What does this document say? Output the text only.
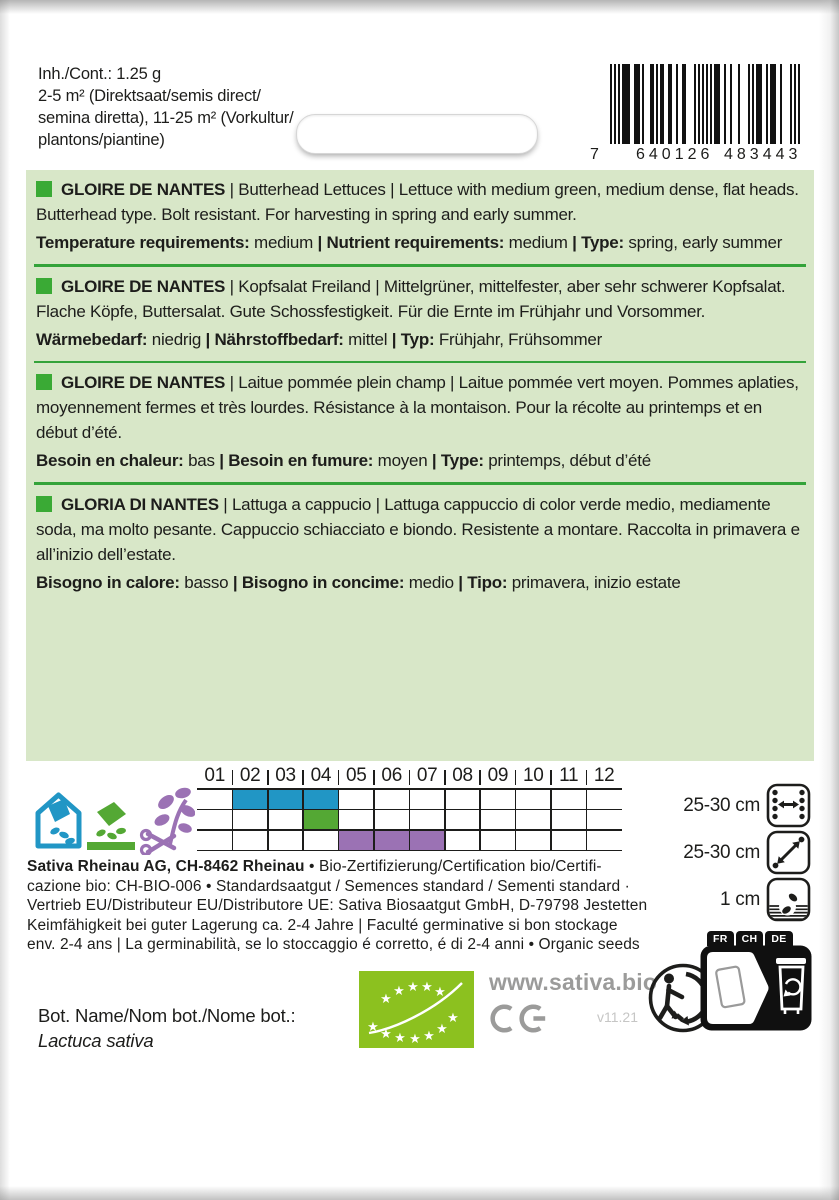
Inh./Cont.: 1.25 g
2-5 m² (Direktsaat/semis direct/
semina diretta), 11-25 m² (Vorkultur/
plantons/piantine)
7 640126 483443

GLOIRE DE NANTES | Butterhead Lettuces | Lettuce with medium green, medium dense, flat heads. Butterhead type. Bolt resistant. For harvesting in spring and early summer.

Temperature requirements: medium | Nutrient requirements: medium | Type: spring, early summer

GLOIRE DE NANTES | Kopfsalat Freiland | Mittelgrüner, mittelfester, aber sehr schwerer Kopfsalat. Flache Köpfe, Buttersalat. Gute Schossfestigkeit. Für die Ernte im Frühjahr und Vorsommer.

Wärmebedarf: niedrig | Nährstoffbedarf: mittel | Typ: Frühjahr, Frühsommer

GLOIRE DE NANTES | Laitue pommée plein champ | Laitue pommée vert moyen. Pommes aplaties, moyennement fermes et très lourdes. Résistance à la montaison. Pour la récolte au printemps et en début d’été.

Besoin en chaleur: bas | Besoin en fumure: moyen | Type: printemps, début d’été

GLORIA DI NANTES | Lattuga a cappucio | Lattuga cappuccio di color verde medio, mediamente soda, ma molto pesante. Cappuccio schiacciato e biondo. Resistente a montare. Raccolta in primavera e all’inizio dell’estate.

Bisogno in calore: basso | Bisogno in concime: medio | Tipo: primavera, inizio estate

01 02 03 04 05 06 07 08 09 10 11 12
25-30 cm
25-30 cm
1 cm
Sativa Rheinau AG, CH-8462 Rheinau • Bio-Zertifizierung/Certification bio/Certifi-
cazione bio: CH-BIO-006 • Standardsaatgut / Semences standard / Sementi standard ·
Vertrieb EU/Distributeur EU/Distributore UE: Sativa Biosaatgut GmbH, D-79798 Jestetten
Keimfähigkeit bei guter Lagerung ca. 2-4 Jahre | Faculté germinative si bon stockage
env. 2-4 ans | La germinabilità, se lo stoccaggio é corretto, é di 2-4 anni • Organic seeds
Bot. Name/Nom bot./Nome bot.:
Lactuca sativa
★ ★ ★ ★ ★ ★
★
★
★ ★ ★ ★ www.sativa.bio
v11.21
FR	CH	DE
